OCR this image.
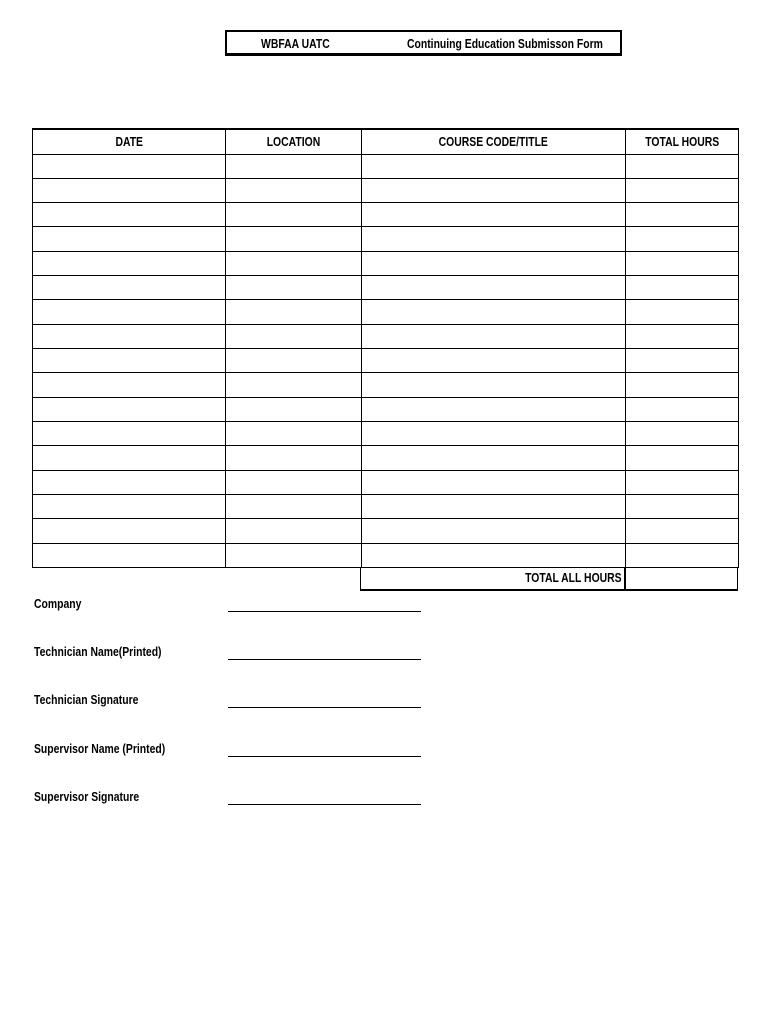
WBFAA UATC	Continuing Education Submisson Form
DATE	LOCATION	COURSE CODE/TITLE	TOTAL HOURS

TOTAL ALL HOURS
Company
Technician Name(Printed)
Technician Signature
Supervisor Name (Printed)
Supervisor Signature
